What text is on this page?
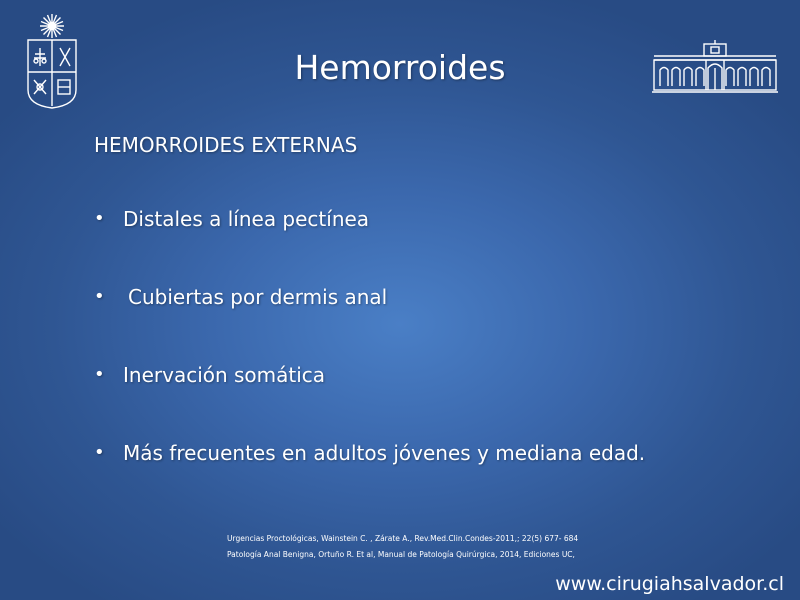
Hemorroides
HEMORROIDES EXTERNAS
• Distales a línea pectínea
• Cubiertas por dermis anal
• Inervación somática
• Más frecuentes en adultos jóvenes y mediana edad.
Urgencias Proctológicas, Wainstein C. , Zárate A., Rev.Med.Clin.Condes-2011,; 22(5) 677- 684
Patología Anal Benigna, Ortuño R. Et al, Manual de Patología Quirúrgica, 2014, Ediciones UC,
www.cirugiahsalvador.cl
